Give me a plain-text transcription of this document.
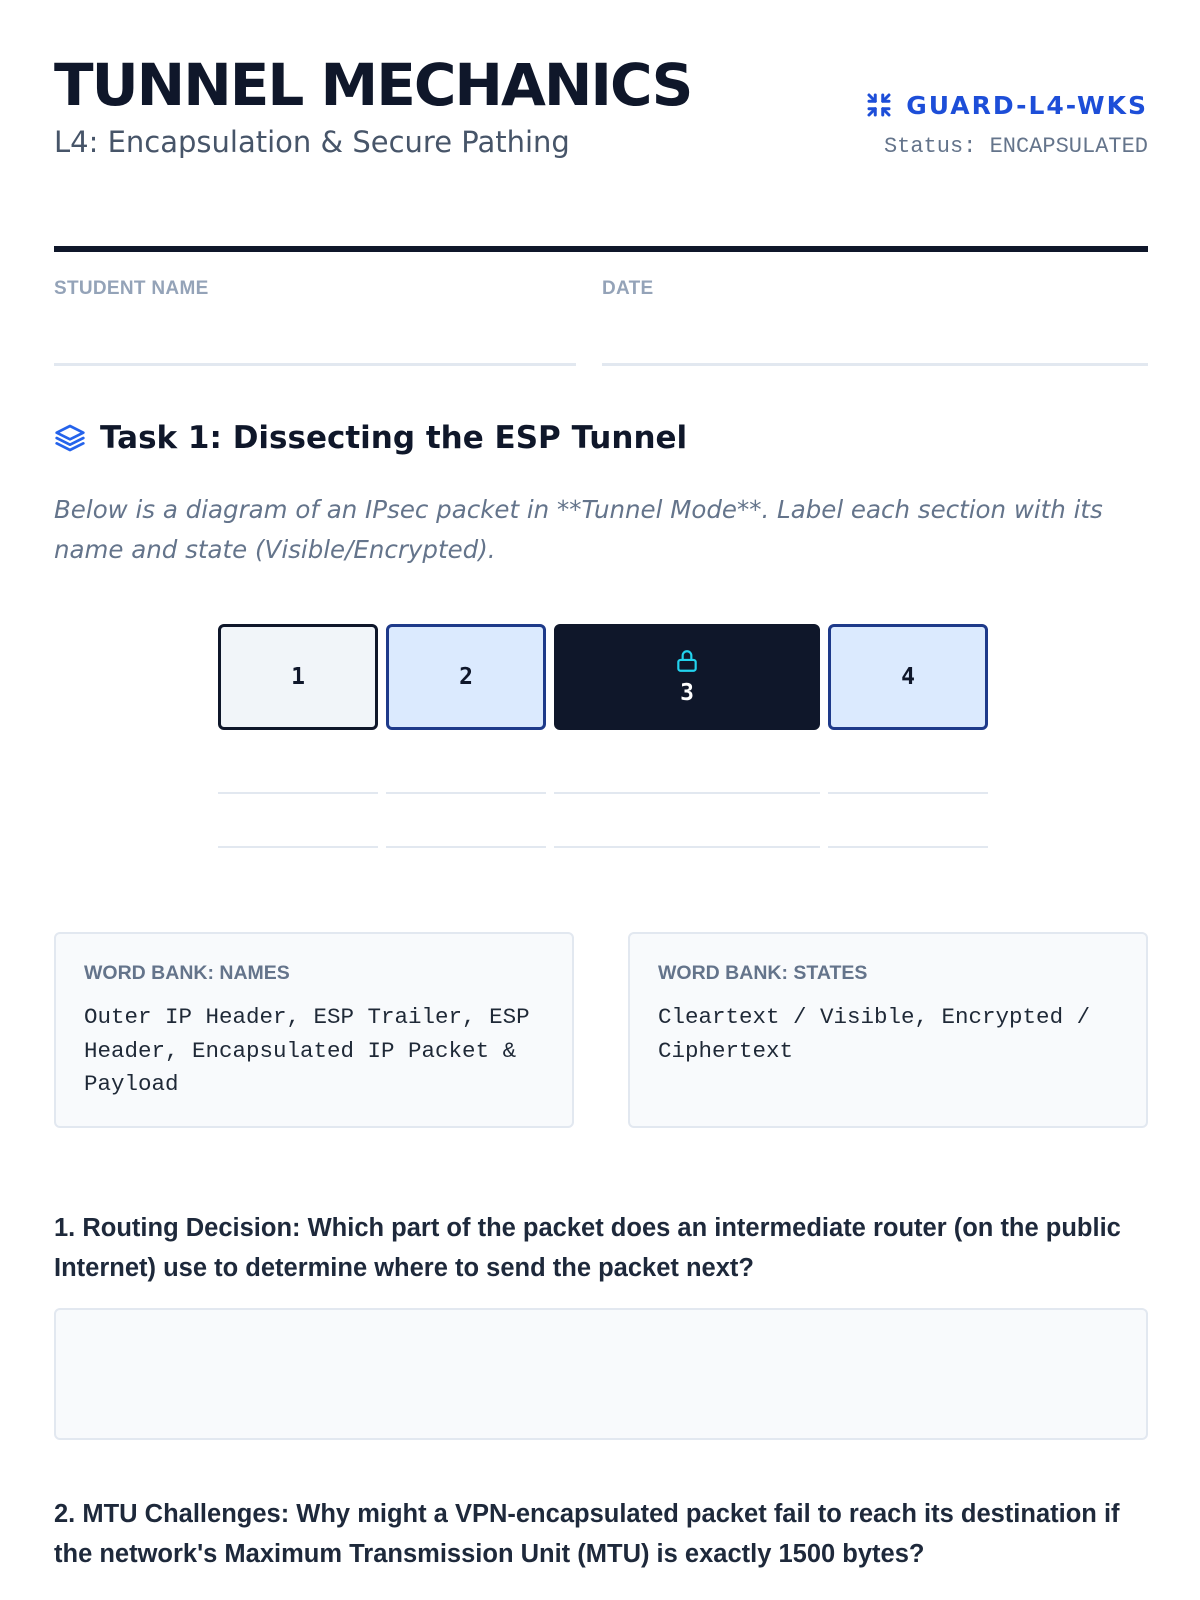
TUNNEL MECHANICS
L4: Encapsulation & Secure Pathing
GUARD-L4-WKS
Status: ENCAPSULATED
STUDENT NAME	DATE
Task 1: Dissecting the ESP Tunnel
Below is a diagram of an IPsec packet in **Tunnel Mode**. Label each section with its name and state (Visible/Encrypted).
1	2
3
4
WORD BANK: NAMES
Outer IP Header, ESP Trailer, ESP Header, Encapsulated IP Packet & Payload
WORD BANK: STATES
Cleartext / Visible, Encrypted / Ciphertext
1. Routing Decision: Which part of the packet does an intermediate router (on the public Internet) use to determine where to send the packet next?
2. MTU Challenges: Why might a VPN-encapsulated packet fail to reach its destination if the network's Maximum Transmission Unit (MTU) is exactly 1500 bytes?
